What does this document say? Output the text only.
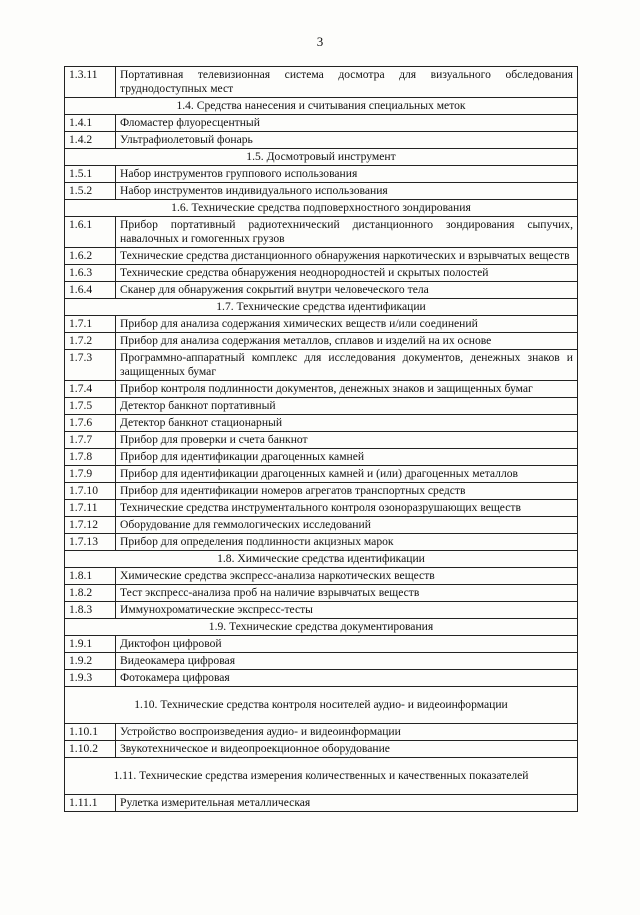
3
1.3.11	Портативная телевизионная система досмотра для визуального обследования труднодоступных мест
1.4. Средства нанесения и считывания специальных меток	
1.4.1	Фломастер флуоресцентный
1.4.2	Ультрафиолетовый фонарь
1.5. Досмотровый инструмент	
1.5.1	Набор инструментов группового использования
1.5.2	Набор инструментов индивидуального использования
1.6. Технические средства подповерхностного зондирования	
1.6.1	Прибор портативный радиотехнический дистанционного зондирования сыпучих, навалочных и гомогенных грузов
1.6.2	Технические средства дистанционного обнаружения наркотических и взрывчатых веществ
1.6.3	Технические средства обнаружения неоднородностей и скрытых полостей
1.6.4	Сканер для обнаружения сокрытий внутри человеческого тела
1.7. Технические средства идентификации	
1.7.1	Прибор для анализа содержания химических веществ и/или соединений
1.7.2	Прибор для анализа содержания металлов, сплавов и изделий на их основе
1.7.3	Программно-аппаратный комплекс для исследования документов, денежных знаков и защищенных бумаг
1.7.4	Прибор контроля подлинности документов, денежных знаков и защищенных бумаг
1.7.5	Детектор банкнот портативный
1.7.6	Детектор банкнот стационарный
1.7.7	Прибор для проверки и счета банкнот
1.7.8	Прибор для идентификации драгоценных камней
1.7.9	Прибор для идентификации драгоценных камней и (или) драгоценных металлов
1.7.10	Прибор для идентификации номеров агрегатов транспортных средств
1.7.11	Технические средства инструментального контроля озоноразрушающих веществ
1.7.12	Оборудование для геммологических исследований
1.7.13	Прибор для определения подлинности акцизных марок
1.8. Химические средства идентификации	
1.8.1	Химические средства экспресс-анализа наркотических веществ
1.8.2	Тест экспресс-анализа проб на наличие взрывчатых веществ
1.8.3	Иммунохроматические экспресс-тесты
1.9. Технические средства документирования	
1.9.1	Диктофон цифровой
1.9.2	Видеокамера цифровая
1.9.3	Фотокамера цифровая
1.10. Технические средства контроля носителей аудио- и видеоинформации	
1.10.1	Устройство воспроизведения аудио- и видеоинформации
1.10.2	Звукотехническое и видеопроекционное оборудование
1.11. Технические средства измерения количественных и качественных показателей	
1.11.1	Рулетка измерительная металлическая
